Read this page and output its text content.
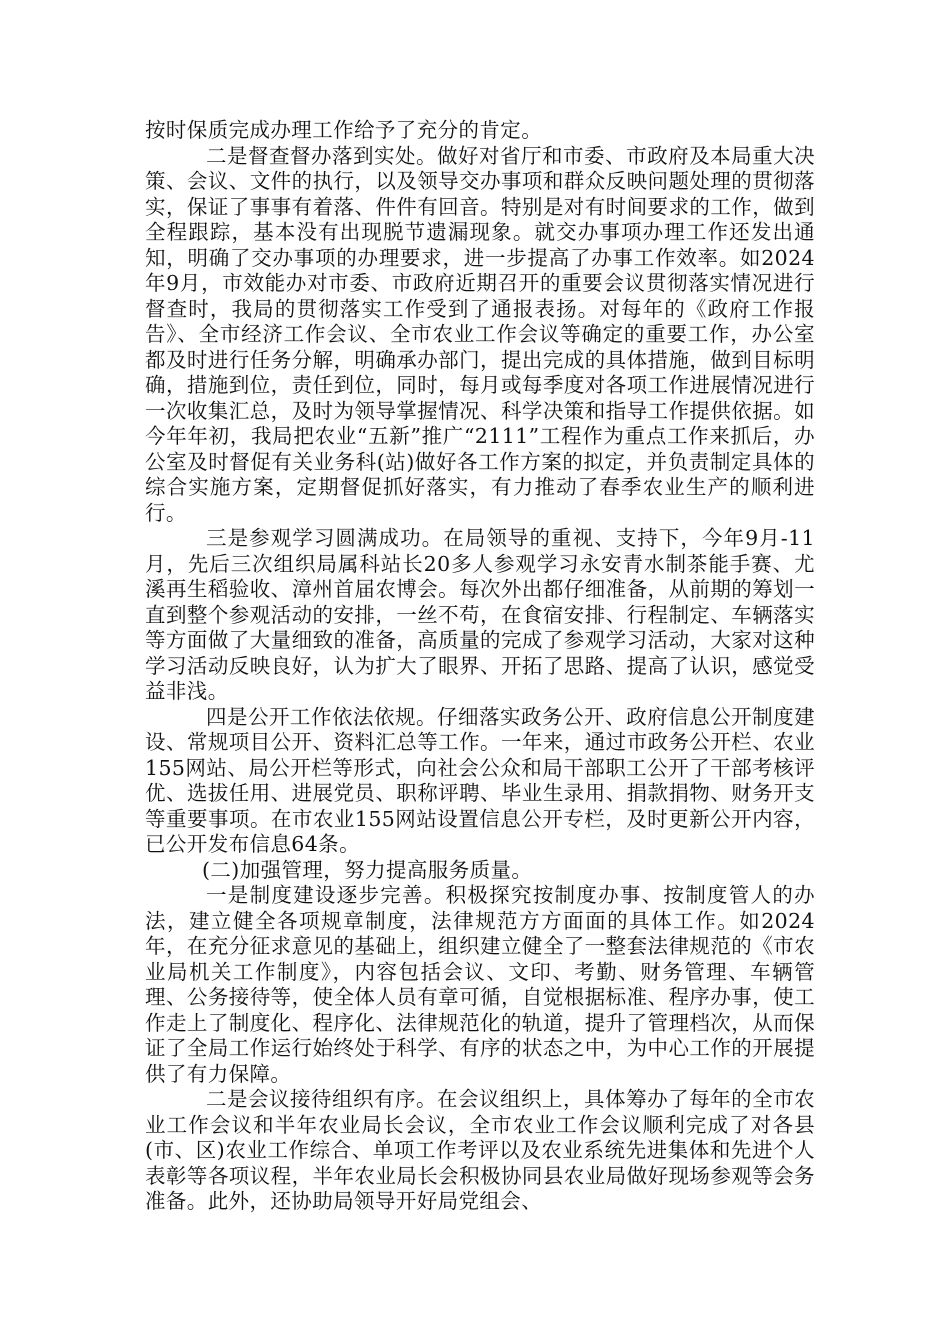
按时保质完成办理工作给予了充分的肯定。

二是督查督办落到实处。做好对省厅和市委、市政府及本局重大决策、会议、文件的执行，以及领导交办事项和群众反映问题处理的贯彻落实，保证了事事有着落、件件有回音。特别是对有时间要求的工作，做到全程跟踪，基本没有出现脱节遗漏现象。就交办事项办理工作还发出通知，明确了交办事项的办理要求，进一步提高了办事工作效率。如2024年9月，市效能办对市委、市政府近期召开的重要会议贯彻落实情况进行督查时，我局的贯彻落实工作受到了通报表扬。对每年的《政府工作报告》、全市经济工作会议、全市农业工作会议等确定的重要工作，办公室都及时进行任务分解，明确承办部门，提出完成的具体措施，做到目标明确，措施到位，责任到位，同时，每月或每季度对各项工作进展情况进行一次收集汇总，及时为领导掌握情况、科学决策和指导工作提供依据。如今年年初，我局把农业“五新”推广“2111”工程作为重点工作来抓后，办公室及时督促有关业务科(站)做好各工作方案的拟定，并负责制定具体的综合实施方案，定期督促抓好落实，有力推动了春季农业生产的顺利进行。

三是参观学习圆满成功。在局领导的重视、支持下，今年9月-11月，先后三次组织局属科站长20多人参观学习永安青水制茶能手赛、尤溪再生稻验收、漳州首届农博会。每次外出都仔细准备，从前期的筹划一直到整个参观活动的安排，一丝不苟，在食宿安排、行程制定、车辆落实等方面做了大量细致的准备，高质量的完成了参观学习活动，大家对这种学习活动反映良好，认为扩大了眼界、开拓了思路、提高了认识，感觉受益非浅。

四是公开工作依法依规。仔细落实政务公开、政府信息公开制度建设、常规项目公开、资料汇总等工作。一年来，通过市政务公开栏、农业155网站、局公开栏等形式，向社会公众和局干部职工公开了干部考核评优、选拔任用、进展党员、职称评聘、毕业生录用、捐款捐物、财务开支等重要事项。在市农业155网站设置信息公开专栏，及时更新公开内容，已公开发布信息64条。

(二)加强管理，努力提高服务质量。

一是制度建设逐步完善。积极探究按制度办事、按制度管人的办法，建立健全各项规章制度，法律规范方方面面的具体工作。如2024年，在充分征求意见的基础上，组织建立健全了一整套法律规范的《市农业局机关工作制度》，内容包括会议、文印、考勤、财务管理、车辆管理、公务接待等，使全体人员有章可循，自觉根据标准、程序办事，使工作走上了制度化、程序化、法律规范化的轨道，提升了管理档次，从而保证了全局工作运行始终处于科学、有序的状态之中，为中心工作的开展提供了有力保障。

二是会议接待组织有序。在会议组织上，具体筹办了每年的全市农业工作会议和半年农业局长会议，全市农业工作会议顺利完成了对各县(市、区)农业工作综合、单项工作考评以及农业系统先进集体和先进个人表彰等各项议程，半年农业局长会积极协同县农业局做好现场参观等会务准备。此外，还协助局领导开好局党组会、
